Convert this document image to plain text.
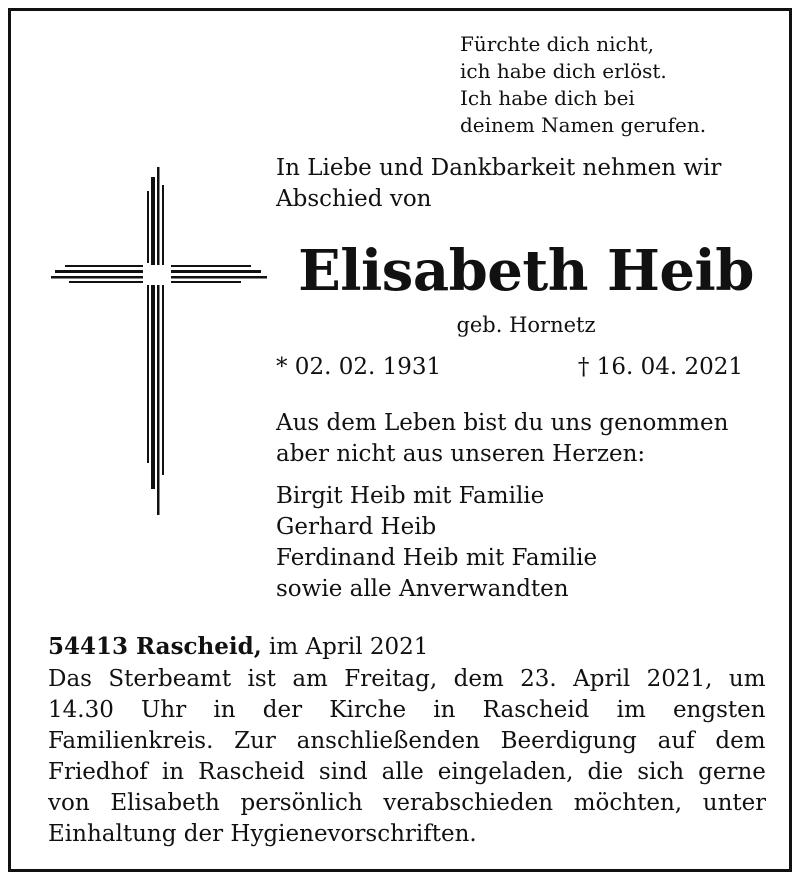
Fürchte dich nicht,
ich habe dich erlöst.
Ich habe dich bei
deinem Namen gerufen.
In Liebe und Dankbarkeit nehmen wir
Abschied von
Elisabeth Heib
geb. Hornetz
* 02. 02. 1931	† 16. 04. 2021
Aus dem Leben bist du uns genommen
aber nicht aus unseren Herzen:
Birgit Heib mit Familie
Gerhard Heib
Ferdinand Heib mit Familie
sowie alle Anverwandten
54413 Rascheid, im April 2021
Das Sterbeamt ist am Freitag, dem 23. April 2021, um
14.30 Uhr in der Kirche in Rascheid im engsten
Familienkreis. Zur anschließenden Beerdigung auf dem
Friedhof in Rascheid sind alle eingeladen, die sich gerne
von Elisabeth persönlich verabschieden möchten, unter
Einhaltung der Hygienevorschriften.
